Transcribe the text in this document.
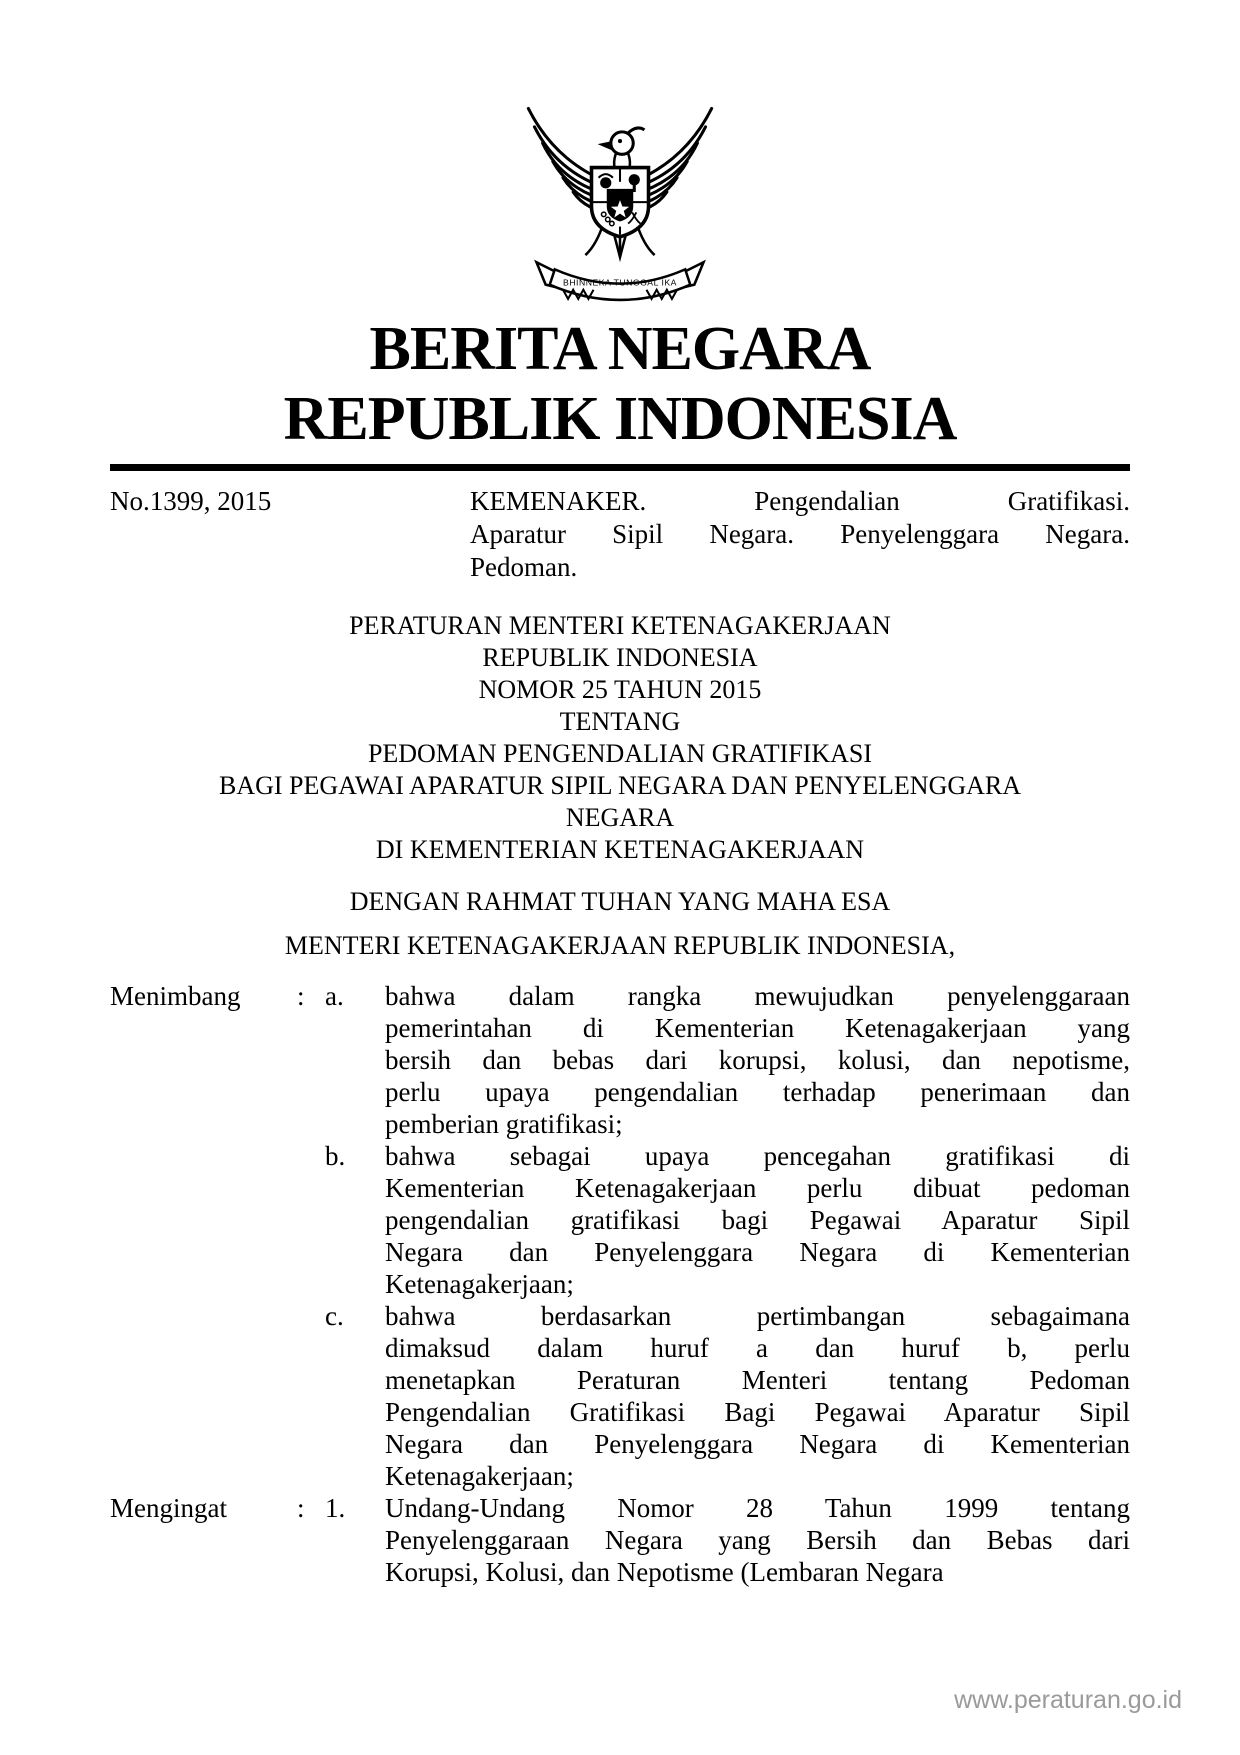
BHINNEKA TUNGGAL IKA
BERITA NEGARA
REPUBLIK INDONESIA
No.1399, 2015	KEMENAKER. Pengendalian Gratifikasi.
Aparatur Sipil Negara. Penyelenggara Negara.
Pedoman.
PERATURAN MENTERI KETENAGAKERJAAN
REPUBLIK INDONESIA
NOMOR 25 TAHUN 2015
TENTANG
PEDOMAN PENGENDALIAN GRATIFIKASI
BAGI PEGAWAI APARATUR SIPIL NEGARA DAN PENYELENGGARA
NEGARA
DI KEMENTERIAN KETENAGAKERJAAN
DENGAN RAHMAT TUHAN YANG MAHA ESA
MENTERI KETENAGAKERJAAN REPUBLIK INDONESIA,
Menimbang	: a.	bahwa dalam rangka mewujudkan penyelenggaraan
pemerintahan di Kementerian Ketenagakerjaan yang
bersih dan bebas dari korupsi, kolusi, dan nepotisme,
perlu upaya pengendalian terhadap penerimaan dan
pemberian gratifikasi;
b.	bahwa sebagai upaya pencegahan gratifikasi di
Kementerian Ketenagakerjaan perlu dibuat pedoman
pengendalian gratifikasi bagi Pegawai Aparatur Sipil
Negara dan Penyelenggara Negara di Kementerian
Ketenagakerjaan;
c.	bahwa berdasarkan pertimbangan sebagaimana
dimaksud dalam huruf a dan huruf b, perlu
menetapkan Peraturan Menteri tentang Pedoman
Pengendalian Gratifikasi Bagi Pegawai Aparatur Sipil
Negara dan Penyelenggara Negara di Kementerian
Ketenagakerjaan;
Mengingat	: 1.	Undang-Undang Nomor 28 Tahun 1999 tentang
Penyelenggaraan Negara yang Bersih dan Bebas dari
Korupsi, Kolusi, dan Nepotisme (Lembaran Negara
www.peraturan.go.id
